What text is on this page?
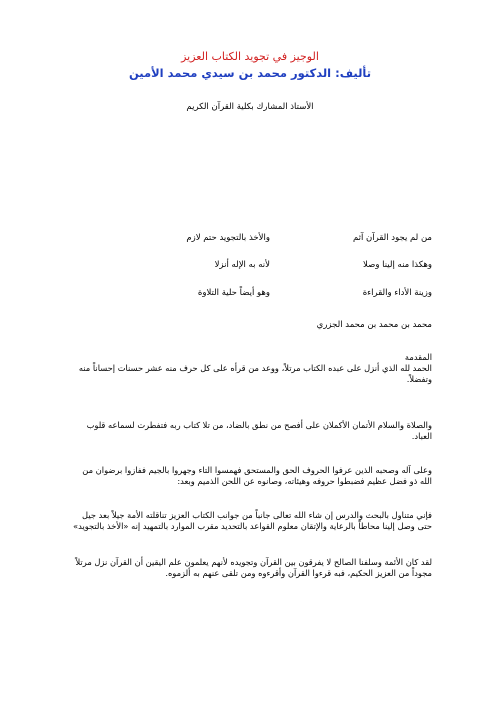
الوجيز في تجويد الكتاب العزيز
تأليف: الدكتور محمد بن سيدي محمد الأمين
الأستاذ المشارك بكلية القرآن الكريم
من لم يجود القرآن آثم
والأخذ بالتجويد حتم لازم
وهكذا منه إلينا وصلا
لأنه به الإله أنزلا
وزينة الأداء والقراءة
وهو أيضاً حلية التلاوة
محمد بن محمد بن محمد الجزري
المقدمة
الحمد لله الذي أنزل على عبده الكتاب مرتلاً، ووعد من قرأه على كل حرف منه عشر حسنات إحساناً منه وتفضلاً.
والصلاة والسلام الأتمان الأكملان على أفصح من نطق بالضاد، من تلا كتاب ربه فتفطرت لسماعه قلوب العباد.
وعلى آله وصحبه الذين عرفوا الحروف الحق والمستحق فهمسوا التاء وجهروا بالجيم ففازوا برضوان من الله ذو فضل عظيم فضبطوا حروفه وهيئاته، وصانوه عن اللحن الذميم وبعد:
فإني متناول بالبحث والدرس إن شاء الله تعالى جانباً من جوانب الكتاب العزيز تناقلته الأمة جيلاً بعد جيل حتى وصل إلينا محاطاً بالرعاية والإتقان معلوم القواعد بالتحديد مقرب الموارد بالتمهيد إنه «الأخذ بالتجويد»
لقد كان الأئمة وسلفنا الصالح لا يفرقون بين القرآن وتجويده لأنهم يعلمون علم اليقين أن القرآن نزل مرتلاً مجوداً من العزيز الحكيم، فبه قرءوا القرآن وأقرءوه ومن تلقى عنهم به ألزموه.
